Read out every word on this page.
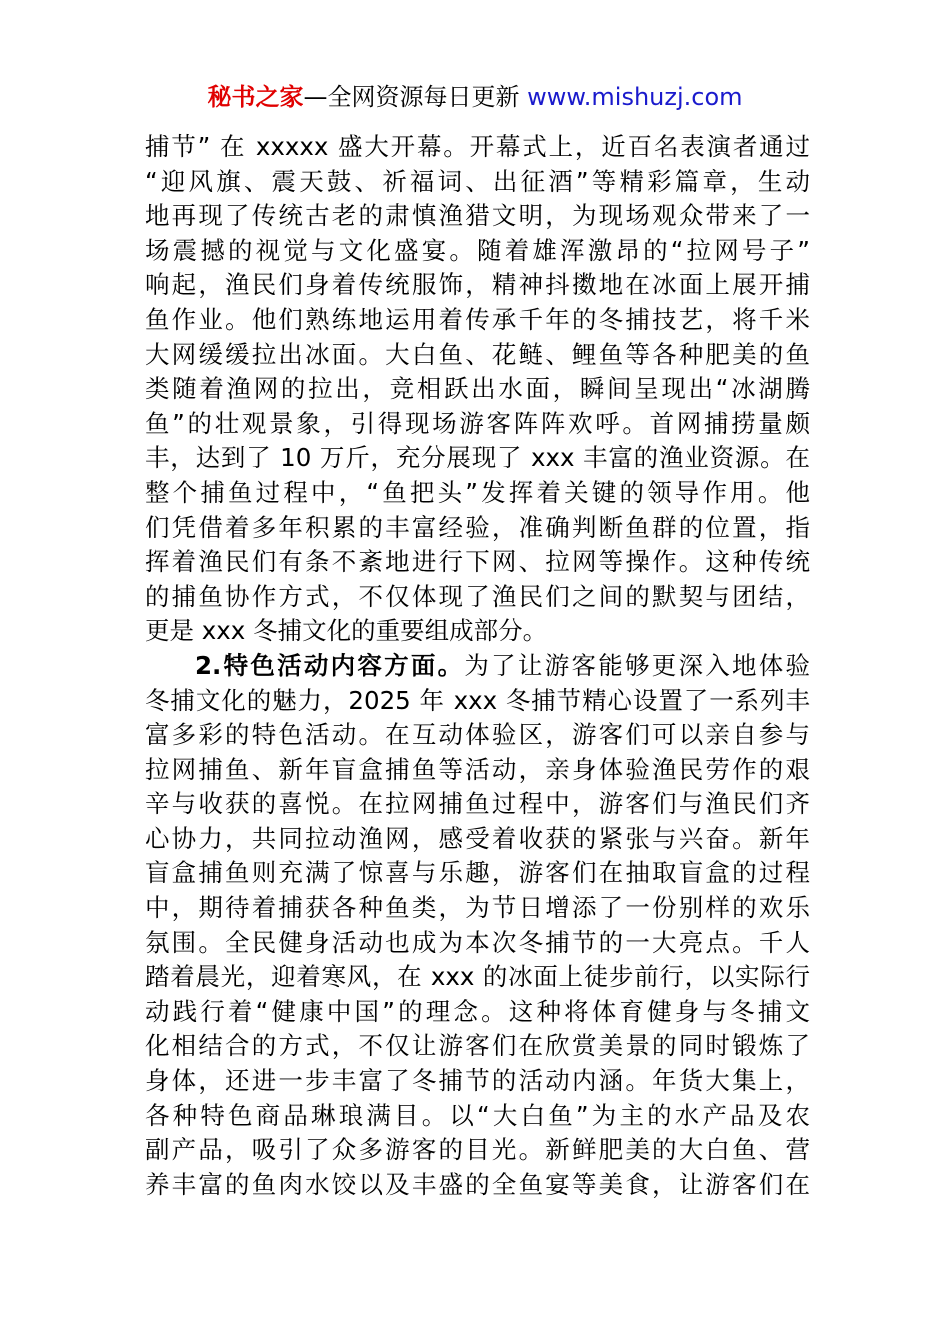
秘书之家—全网资源每日更新 www.mishuzj.com
捕节” 在 xxxxx 盛大开幕。开幕式上，近百名表演者通过
“迎风旗、震天鼓、祈福词、出征酒”等精彩篇章，生动
地再现了传统古老的肃慎渔猎文明，为现场观众带来了一
场震撼的视觉与文化盛宴。随着雄浑激昂的“拉网号子”
响起，渔民们身着传统服饰，精神抖擞地在冰面上展开捕
鱼作业。他们熟练地运用着传承千年的冬捕技艺，将千米
大网缓缓拉出冰面。大白鱼、花鲢、鲤鱼等各种肥美的鱼
类随着渔网的拉出，竞相跃出水面，瞬间呈现出“冰湖腾
鱼”的壮观景象，引得现场游客阵阵欢呼。首网捕捞量颇
丰，达到了 10 万斤，充分展现了 xxx 丰富的渔业资源。在
整个捕鱼过程中，“鱼把头”发挥着关键的领导作用。他
们凭借着多年积累的丰富经验，准确判断鱼群的位置，指
挥着渔民们有条不紊地进行下网、拉网等操作。这种传统
的捕鱼协作方式，不仅体现了渔民们之间的默契与团结，
更是 xxx 冬捕文化的重要组成部分。
2.特色活动内容方面。为了让游客能够更深入地体验
冬捕文化的魅力，2025 年 xxx 冬捕节精心设置了一系列丰
富多彩的特色活动。在互动体验区，游客们可以亲自参与
拉网捕鱼、新年盲盒捕鱼等活动，亲身体验渔民劳作的艰
辛与收获的喜悦。在拉网捕鱼过程中，游客们与渔民们齐
心协力，共同拉动渔网，感受着收获的紧张与兴奋。新年
盲盒捕鱼则充满了惊喜与乐趣，游客们在抽取盲盒的过程
中，期待着捕获各种鱼类，为节日增添了一份别样的欢乐
氛围。全民健身活动也成为本次冬捕节的一大亮点。千人
踏着晨光，迎着寒风，在 xxx 的冰面上徒步前行，以实际行
动践行着“健康中国”的理念。这种将体育健身与冬捕文
化相结合的方式，不仅让游客们在欣赏美景的同时锻炼了
身体，还进一步丰富了冬捕节的活动内涵。年货大集上，
各种特色商品琳琅满目。以“大白鱼”为主的水产品及农
副产品，吸引了众多游客的目光。新鲜肥美的大白鱼、营
养丰富的鱼肉水饺以及丰盛的全鱼宴等美食，让游客们在
